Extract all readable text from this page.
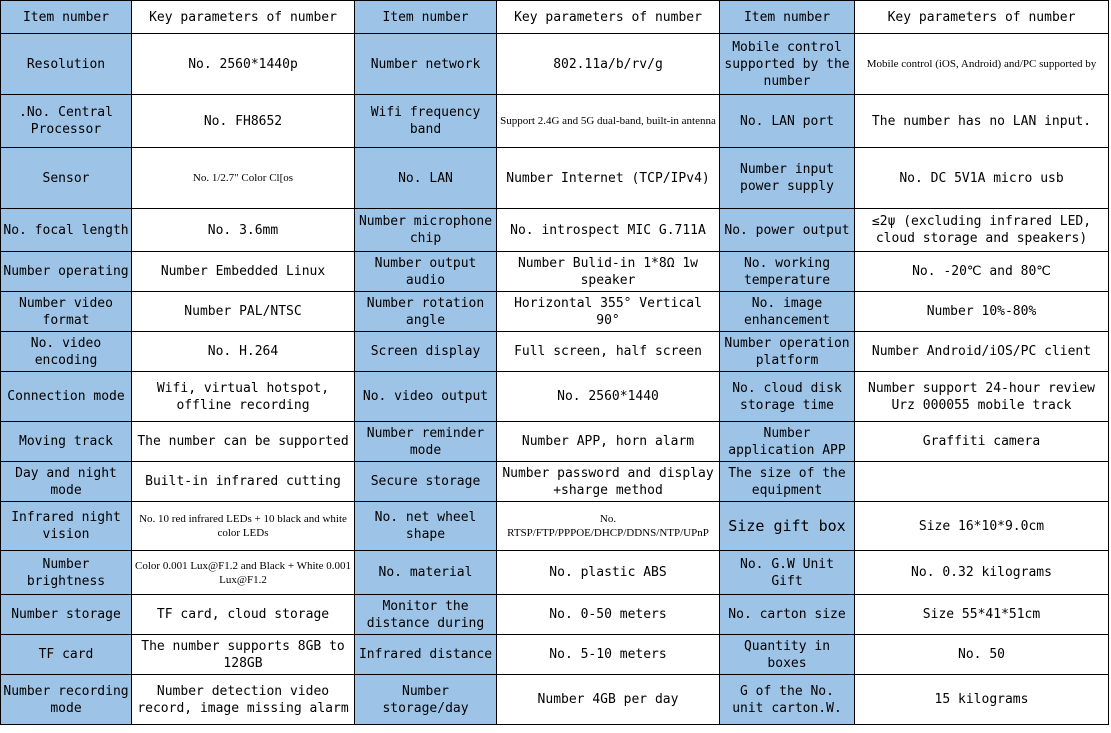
Item number	Key parameters of number	Item number	Key parameters of number	Item number	Key parameters of number
Resolution	No. 2560*1440p	Number network	802.11a/b/rv/g	Mobile control supported by the number	Mobile control (iOS, Android) and/PC supported by
.No. Central Processor	No. FH8652	Wifi frequency band	Support 2.4G and 5G dual-band, built-in antenna	No. LAN port	The number has no LAN input.
Sensor	No. 1/2.7" Color Cl[os	No. LAN	Number Internet (TCP/IPv4)	Number input power supply	No. DC 5V1A micro usb
No. focal length	No. 3.6mm	Number microphone chip	No. introspect MIC G.711A	No. power output	≤2ψ (excluding infrared LED, cloud storage and speakers)
Number operating	Number Embedded Linux	Number output audio	Number Bulid-in 1*8Ω 1w speaker	No. working temperature	No. -20℃ and 80℃
Number video format	Number PAL/NTSC	Number rotation angle	Horizontal 355° Vertical 90°	No. image enhancement	Number 10%-80%
No. video encoding	No. H.264	Screen display	Full screen, half screen	Number operation platform	Number Android/iOS/PC client
Connection mode	Wifi, virtual hotspot, offline recording	No. video output	No. 2560*1440	No. cloud disk storage time	Number support 24-hour review Urz 000055 mobile track
Moving track	The number can be supported	Number reminder mode	Number APP, horn alarm	Number application APP	Graffiti camera
Day and night mode	Built-in infrared cutting	Secure storage	Number password and display +sharge method	The size of the equipment	
Infrared night vision	No. 10 red infrared LEDs + 10 black and white color LEDs	No. net wheel shape	No. RTSP/FTP/PPPOE/DHCP/DDNS/NTP/UPnP	Size gift box	Size 16*10*9.0cm
Number brightness	Color 0.001 Lux@F1.2 and Black + White 0.001 Lux@F1.2	No. material	No. plastic ABS	No. G.W Unit Gift	No. 0.32 kilograms
Number storage	TF card, cloud storage	Monitor the distance during	No. 0-50 meters	No. carton size	Size 55*41*51cm
TF card	The number supports 8GB to 128GB	Infrared distance	No. 5-10 meters	Quantity in boxes	No. 50
Number recording mode	Number detection video record, image missing alarm	Number storage/day	Number 4GB per day	G of the No. unit carton.W.	15 kilograms
